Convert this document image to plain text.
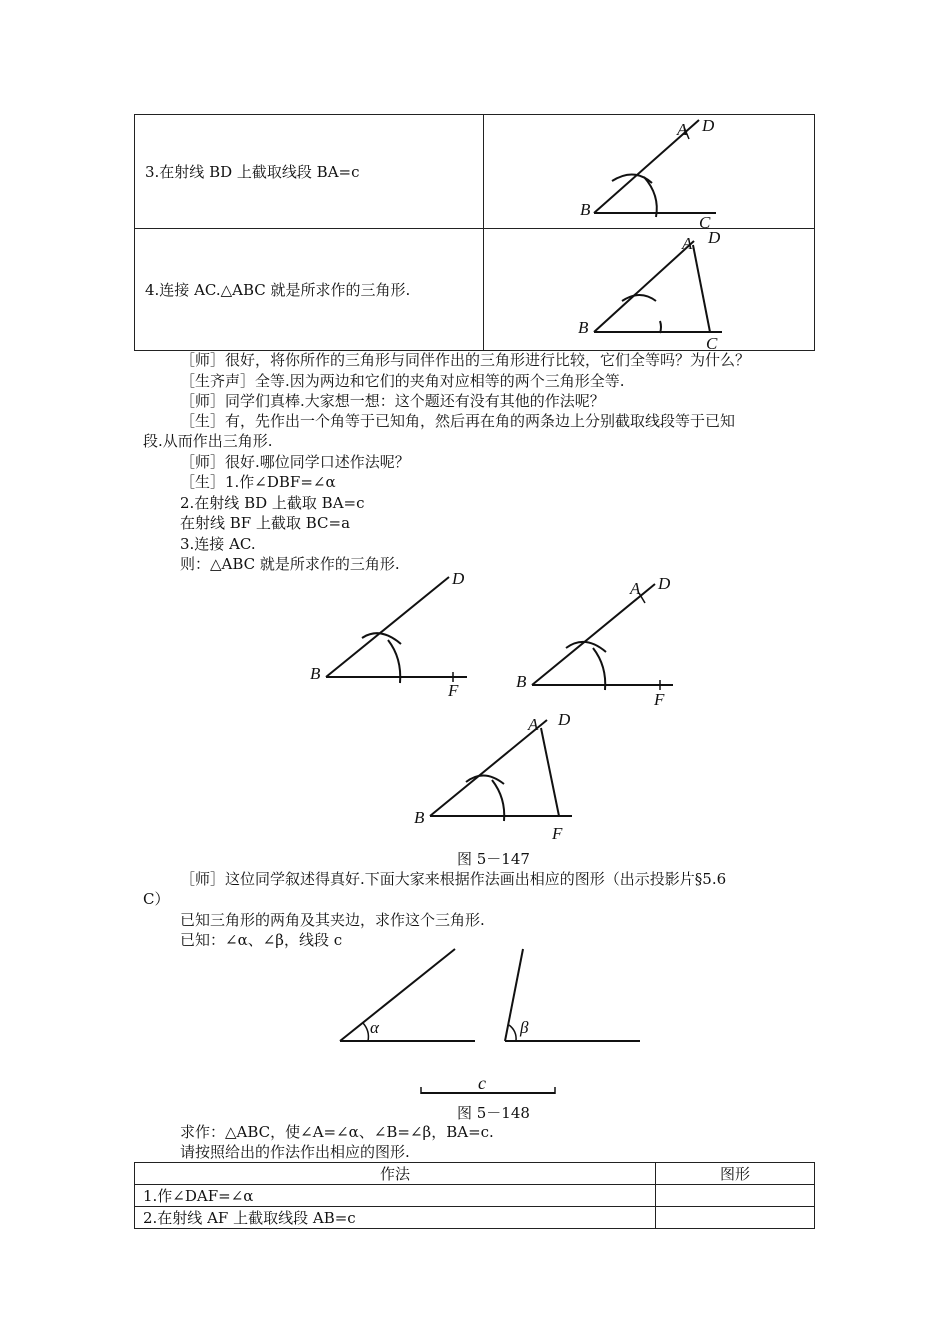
3.在射线 BD 上截取线段 BA=c	B
A D
C

4.连接 AC.△ABC 就是所求作的三角形.	B
A D
C
［师］很好，将你所作的三角形与同伴作出的三角形进行比较，它们全等吗？为什么？
［生齐声］全等.因为两边和它们的夹角对应相等的两个三角形全等.
［师］同学们真棒.大家想一想：这个题还有没有其他的作法呢？
［生］有，先作出一个角等于已知角，然后再在角的两条边上分别截取线段等于已知
段.从而作出三角形.
［师］很好.哪位同学口述作法呢？
［生］1.作∠DBF=∠α
2.在射线 BD 上截取 BA=c
在射线 BF 上截取 BC=a
3.连接 AC.
则：△ABC 就是所求作的三角形.
B
D
F	B
A D
F
B
A D
F
图 5－147
［师］这位同学叙述得真好.下面大家来根据作法画出相应的图形（出示投影片§5.6
C）
已知三角形的两角及其夹边，求作这个三角形.
已知：∠α、∠β，线段 c
α	β
c
图 5－148
求作：△ABC，使∠A=∠α、∠B=∠β，BA=c.
请按照给出的作法作出相应的图形.
作法	图形
1.作∠DAF=∠α	
2.在射线 AF 上截取线段 AB=c	
